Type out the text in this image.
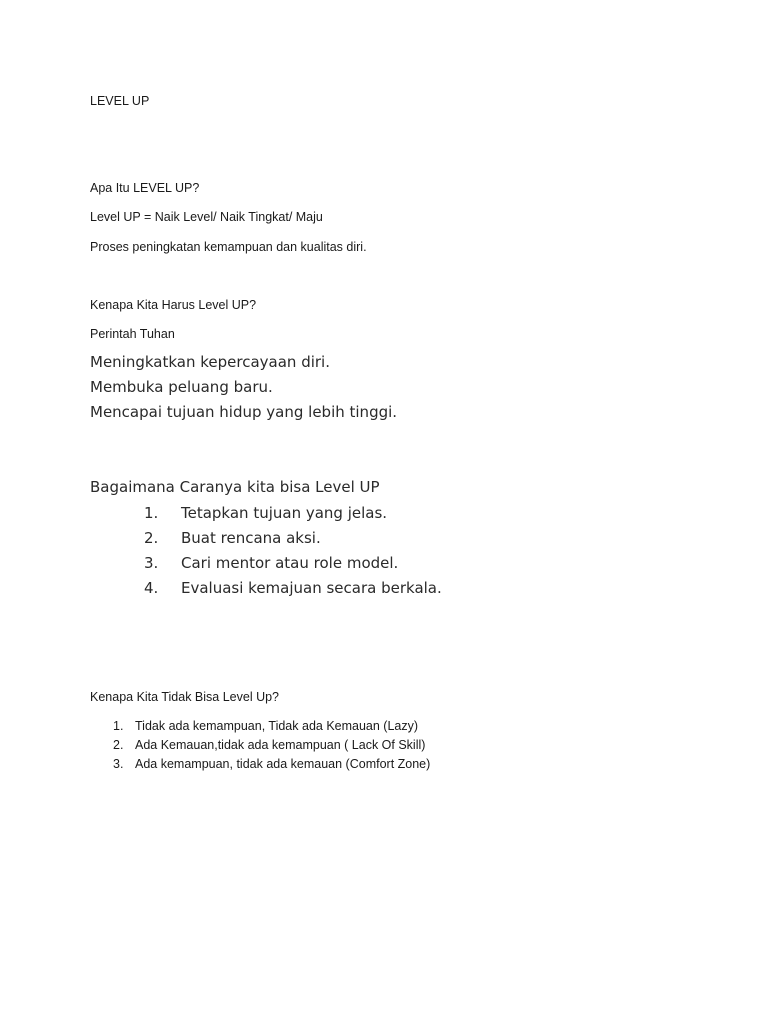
LEVEL UP

Apa Itu LEVEL UP?

Level UP = Naik Level/ Naik Tingkat/ Maju

Proses peningkatan kemampuan dan kualitas diri.

Kenapa Kita Harus Level UP?

Perintah Tuhan

Meningkatkan kepercayaan diri.

Membuka peluang baru.

Mencapai tujuan hidup yang lebih tinggi.

Bagaimana Caranya kita bisa Level UP

1. Tetapkan tujuan yang jelas.
2. Buat rencana aksi.
3. Cari mentor atau role model.
4. Evaluasi kemajuan secara berkala.

Kenapa Kita Tidak Bisa Level Up?

1. Tidak ada kemampuan, Tidak ada Kemauan (Lazy)
2. Ada Kemauan,tidak ada kemampuan ( Lack Of Skill)
3. Ada kemampuan, tidak ada kemauan (Comfort Zone)
